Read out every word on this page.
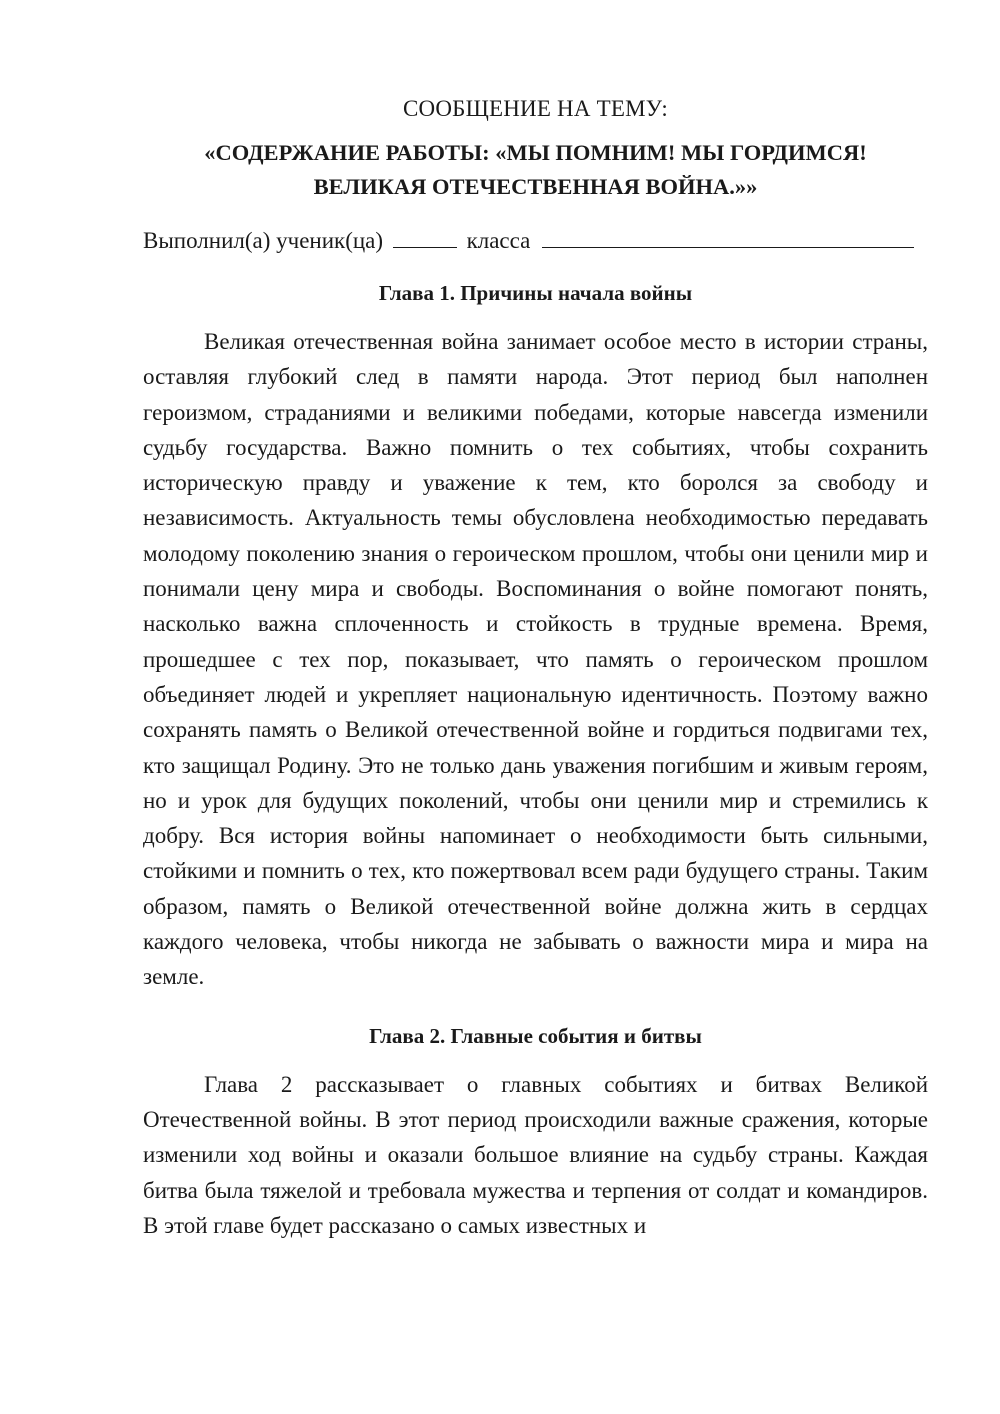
СООБЩЕНИЕ НА ТЕМУ:

«СОДЕРЖАНИЕ РАБОТЫ: «МЫ ПОМНИМ! МЫ ГОРДИМСЯ!

ВЕЛИКАЯ ОТЕЧЕСТВЕННАЯ ВОЙНА.»»

Выполнил(а) ученик(ца)	класса

Глава 1. Причины начала войны

Великая отечественная война занимает особое место в истории страны, оставляя глубокий след в памяти народа. Этот период был наполнен героизмом, страданиями и великими победами, которые навсегда изменили судьбу государства. Важно помнить о тех событиях, чтобы сохранить историческую правду и уважение к тем, кто боролся за свободу и независимость. Актуальность темы обусловлена необходимостью передавать молодому поколению знания о героическом прошлом, чтобы они ценили мир и понимали цену мира и свободы. Воспоминания о войне помогают понять, насколько важна сплоченность и стойкость в трудные времена. Время, прошедшее с тех пор, показывает, что память о героическом прошлом объединяет людей и укрепляет национальную идентичность. Поэтому важно сохранять память о Великой отечественной войне и гордиться подвигами тех, кто защищал Родину. Это не только дань уважения погибшим и живым героям, но и урок для будущих поколений, чтобы они ценили мир и стремились к добру. Вся история войны напоминает о необходимости быть сильными, стойкими и помнить о тех, кто пожертвовал всем ради будущего страны. Таким образом, память о Великой отечественной войне должна жить в сердцах каждого человека, чтобы никогда не забывать о важности мира и мира на земле.

Глава 2. Главные события и битвы

Глава 2 рассказывает о главных событиях и битвах Великой Отечественной войны. В этот период происходили важные сражения, которые изменили ход войны и оказали большое влияние на судьбу страны. Каждая битва была тяжелой и требовала мужества и терпения от солдат и командиров. В этой главе будет рассказано о самых известных и
